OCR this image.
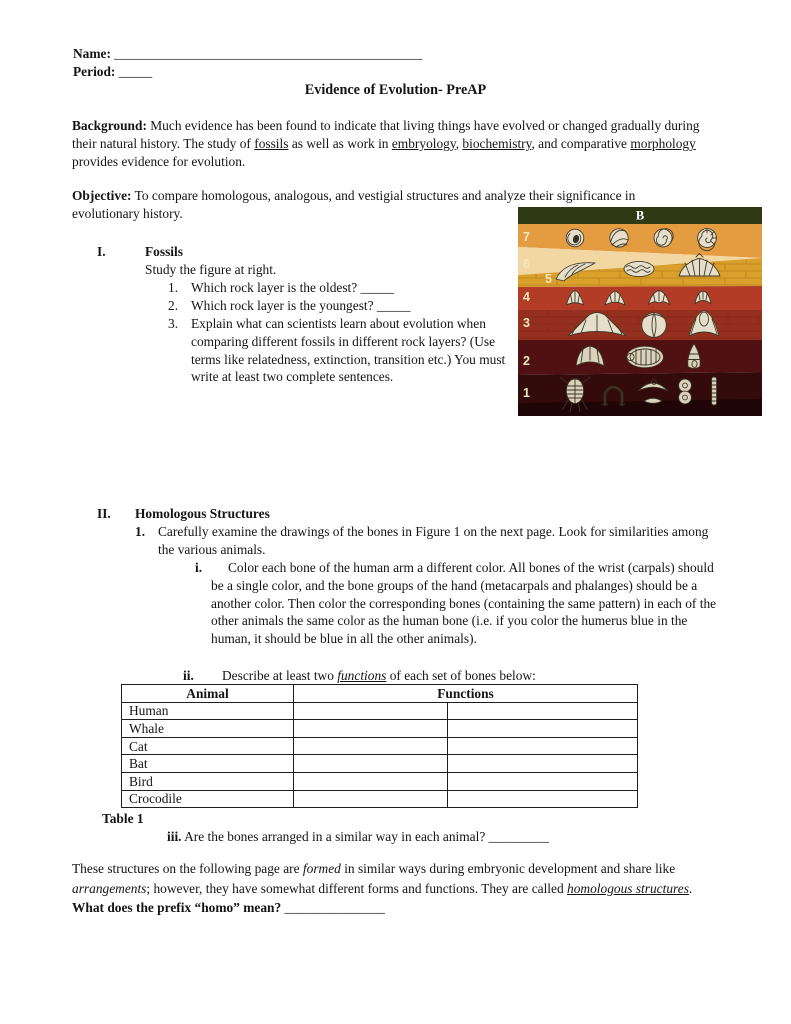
Name: ______________________________________________
Period: _____
Evidence of Evolution- PreAP
Background: Much evidence has been found to indicate that living things have evolved or changed gradually during their natural history. The study of fossils as well as work in embryology, biochemistry, and comparative morphology provides evidence for evolution.
Objective: To compare homologous, analogous, and vestigial structures and analyze their significance in evolutionary history.
I.	Fossils
Study the figure at right.
1. Which rock layer is the oldest? _____
2. Which rock layer is the youngest? _____
3. Explain what can scientists learn about evolution when comparing different fossils in different rock layers? (Use terms like relatedness, extinction, transition etc.) You must write at least two complete sentences.
B
7
6
5
4
3
2
1
II. Homologous Structures
1. Carefully examine the drawings of the bones in Figure 1 on the next page. Look for similarities among the various animals.
i.	Color each bone of the human arm a different color. All bones of the wrist (carpals) should be a single color, and the bone groups of the hand (metacarpals and phalanges) should be a another color. Then color the corresponding bones (containing the same pattern) in each of the other animals the same color as the human bone (i.e. if you color the humerus blue in the human, it should be blue in all the other animals).
ii. Describe at least two functions of each set of bones below:
Animal	Functions	
Human		
Whale		
Cat		
Bat		
Bird		
Crocodile		
Table 1
iii. Are the bones arranged in a similar way in each animal? _________
These structures on the following page are formed in similar ways during embryonic development and share like arrangements; however, they have somewhat different forms and functions. They are called homologous structures. What does the prefix “homo” mean? _______________
